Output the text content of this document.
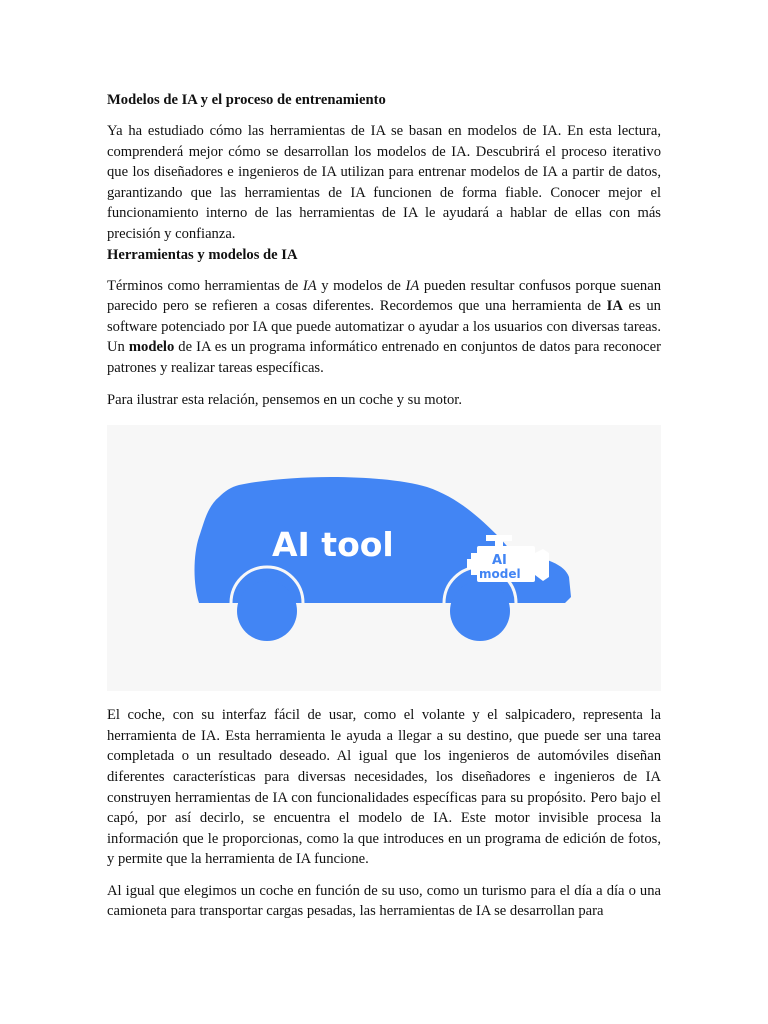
Modelos de IA y el proceso de entrenamiento

Ya ha estudiado cómo las herramientas de IA se basan en modelos de IA. En esta lectura, comprenderá mejor cómo se desarrollan los modelos de IA. Descubrirá el proceso iterativo que los diseñadores e ingenieros de IA utilizan para entrenar modelos de IA a partir de datos, garantizando que las herramientas de IA funcionen de forma fiable. Conocer mejor el funcionamiento interno de las herramientas de IA le ayudará a hablar de ellas con más precisión y confianza.

Herramientas y modelos de IA

Términos como herramientas de IA y modelos de IA pueden resultar confusos porque suenan parecido pero se refieren a cosas diferentes. Recordemos que una herramienta de IA es un software potenciado por IA que puede automatizar o ayudar a los usuarios con diversas tareas. Un modelo de IA es un programa informático entrenado en conjuntos de datos para reconocer patrones y realizar tareas específicas.

Para ilustrar esta relación, pensemos en un coche y su motor.

AI tool	AI
model

El coche, con su interfaz fácil de usar, como el volante y el salpicadero, representa la herramienta de IA. Esta herramienta le ayuda a llegar a su destino, que puede ser una tarea completada o un resultado deseado. Al igual que los ingenieros de automóviles diseñan diferentes características para diversas necesidades, los diseñadores e ingenieros de IA construyen herramientas de IA con funcionalidades específicas para su propósito. Pero bajo el capó, por así decirlo, se encuentra el modelo de IA. Este motor invisible procesa la información que le proporcionas, como la que introduces en un programa de edición de fotos, y permite que la herramienta de IA funcione.

Al igual que elegimos un coche en función de su uso, como un turismo para el día a día o una camioneta para transportar cargas pesadas, las herramientas de IA se desarrollan para
